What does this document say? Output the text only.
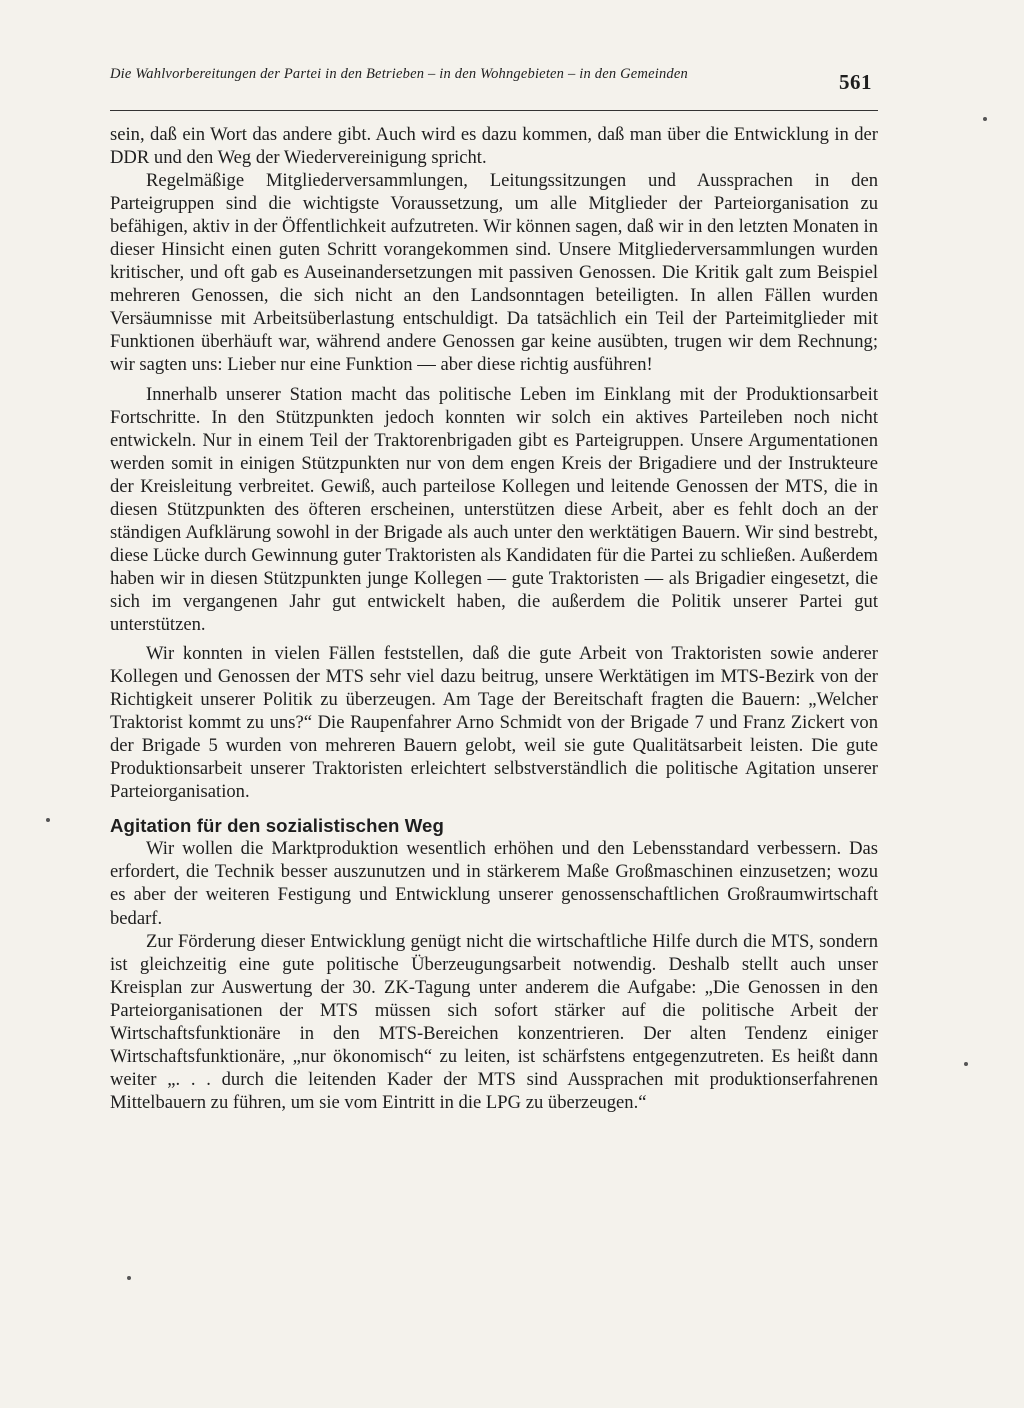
Die Wahlvorbereitungen der Partei in den Betrieben – in den Wohngebieten – in den Gemeinden	561

sein, daß ein Wort das andere gibt. Auch wird es dazu kommen, daß man über die Entwicklung in der DDR und den Weg der Wiedervereinigung spricht.

Regelmäßige Mitgliederversammlungen, Leitungssitzungen und Aussprachen in den Parteigruppen sind die wichtigste Voraussetzung, um alle Mitglieder der Parteiorganisation zu befähigen, aktiv in der Öffentlichkeit aufzutreten. Wir können sagen, daß wir in den letzten Monaten in dieser Hinsicht einen guten Schritt vorangekommen sind. Unsere Mitgliederversammlungen wurden kritischer, und oft gab es Auseinandersetzungen mit passiven Genossen. Die Kritik galt zum Beispiel mehreren Genossen, die sich nicht an den Landsonntagen beteiligten. In allen Fällen wurden Versäumnisse mit Arbeitsüberlastung entschuldigt. Da tatsächlich ein Teil der Parteimitglieder mit Funktionen überhäuft war, während andere Genossen gar keine ausübten, trugen wir dem Rechnung; wir sagten uns: Lieber nur eine Funktion — aber diese richtig ausführen!

Innerhalb unserer Station macht das politische Leben im Einklang mit der Produktionsarbeit Fortschritte. In den Stützpunkten jedoch konnten wir solch ein aktives Parteileben noch nicht entwickeln. Nur in einem Teil der Traktorenbrigaden gibt es Parteigruppen. Unsere Argumentationen werden somit in einigen Stützpunkten nur von dem engen Kreis der Brigadiere und der Instrukteure der Kreisleitung verbreitet. Gewiß, auch parteilose Kollegen und leitende Genossen der MTS, die in diesen Stützpunkten des öfteren erscheinen, unterstützen diese Arbeit, aber es fehlt doch an der ständigen Aufklärung sowohl in der Brigade als auch unter den werktätigen Bauern. Wir sind bestrebt, diese Lücke durch Gewinnung guter Traktoristen als Kandidaten für die Partei zu schließen. Außerdem haben wir in diesen Stützpunkten junge Kollegen — gute Traktoristen — als Brigadier eingesetzt, die sich im vergangenen Jahr gut entwickelt haben, die außerdem die Politik unserer Partei gut unterstützen.

Wir konnten in vielen Fällen feststellen, daß die gute Arbeit von Traktoristen sowie anderer Kollegen und Genossen der MTS sehr viel dazu beitrug, unsere Werktätigen im MTS-Bezirk von der Richtigkeit unserer Politik zu überzeugen. Am Tage der Bereitschaft fragten die Bauern: „Welcher Traktorist kommt zu uns?“ Die Raupenfahrer Arno Schmidt von der Brigade 7 und Franz Zickert von der Brigade 5 wurden von mehreren Bauern gelobt, weil sie gute Qualitätsarbeit leisten. Die gute Produktionsarbeit unserer Traktoristen erleichtert selbstverständlich die politische Agitation unserer Parteiorganisation.

Agitation für den sozialistischen Weg

Wir wollen die Marktproduktion wesentlich erhöhen und den Lebensstandard verbessern. Das erfordert, die Technik besser auszunutzen und in stärkerem Maße Großmaschinen einzusetzen; wozu es aber der weiteren Festigung und Entwicklung unserer genossenschaftlichen Großraumwirtschaft bedarf.

Zur Förderung dieser Entwicklung genügt nicht die wirtschaftliche Hilfe durch die MTS, sondern ist gleichzeitig eine gute politische Überzeugungsarbeit notwendig. Deshalb stellt auch unser Kreisplan zur Auswertung der 30. ZK-Tagung unter anderem die Aufgabe: „Die Genossen in den Parteiorganisationen der MTS müssen sich sofort stärker auf die politische Arbeit der Wirtschaftsfunktionäre in den MTS-Bereichen konzentrieren. Der alten Tendenz einiger Wirtschaftsfunktionäre, „nur ökonomisch“ zu leiten, ist schärfstens entgegenzutreten. Es heißt dann weiter „. . . durch die leitenden Kader der MTS sind Aussprachen mit produktionserfahrenen Mittelbauern zu führen, um sie vom Eintritt in die LPG zu überzeugen.“
